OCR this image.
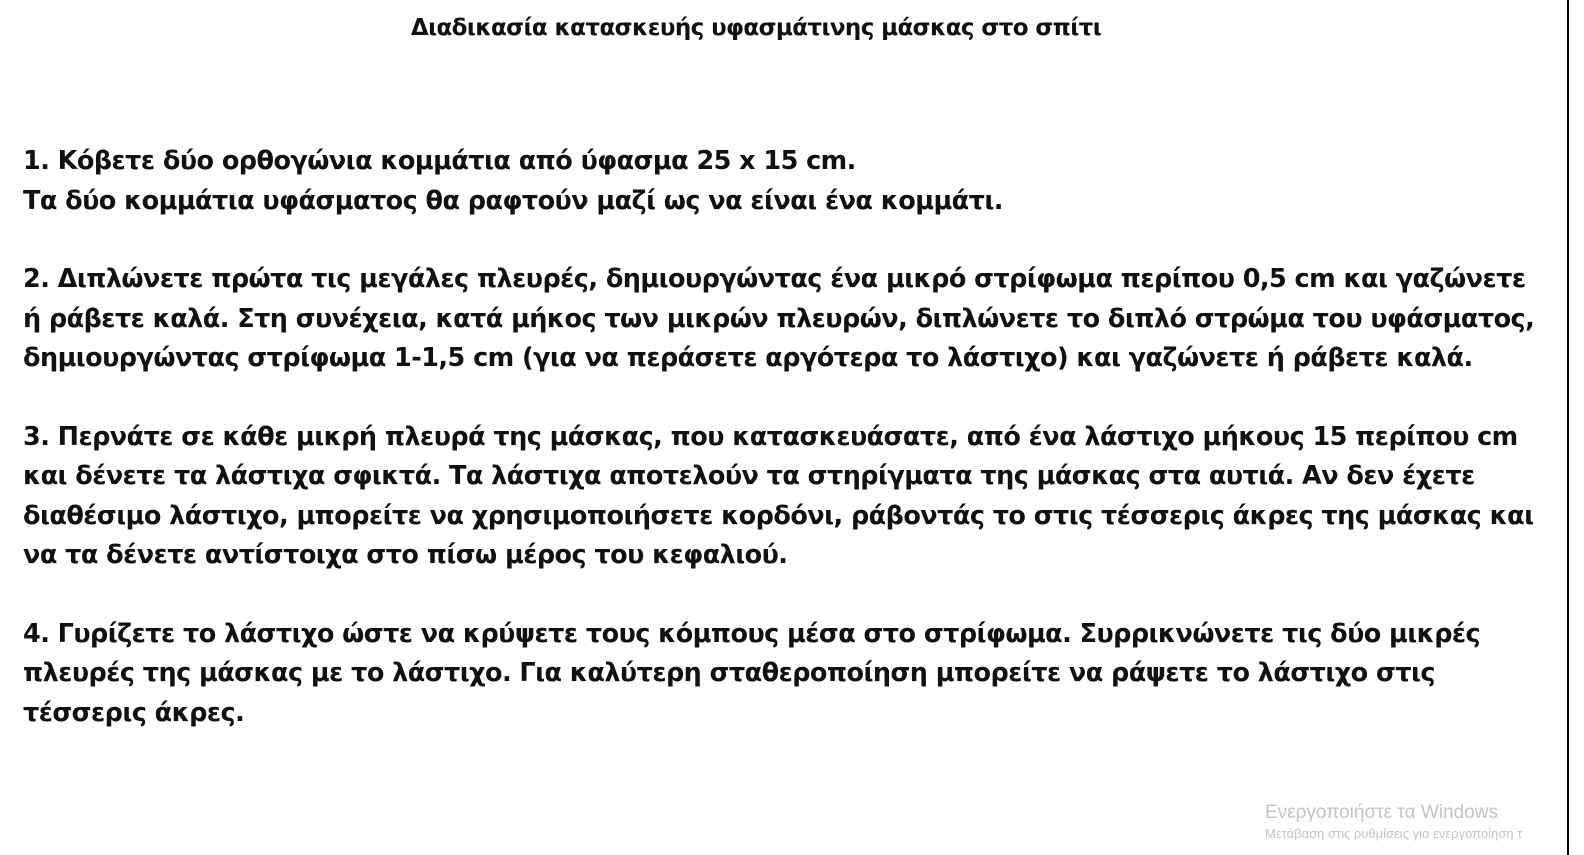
Διαδικασία κατασκευής υφασμάτινης μάσκας στο σπίτι
1. Κόβετε δύο ορθογώνια κομμάτια από ύφασμα 25 x 15 cm.
Τα δύο κομμάτια υφάσματος θα ραφτούν μαζί ως να είναι ένα κομμάτι.
2. Διπλώνετε πρώτα τις μεγάλες πλευρές, δημιουργώντας ένα μικρό στρίφωμα περίπου 0,5 cm και γαζώνετε
ή ράβετε καλά. Στη συνέχεια, κατά μήκος των μικρών πλευρών, διπλώνετε το διπλό στρώμα του υφάσματος,
δημιουργώντας στρίφωμα 1-1,5 cm (για να περάσετε αργότερα το λάστιχο) και γαζώνετε ή ράβετε καλά.
3. Περνάτε σε κάθε μικρή πλευρά της μάσκας, που κατασκευάσατε, από ένα λάστιχο μήκους 15 περίπου cm
και δένετε τα λάστιχα σφικτά. Τα λάστιχα αποτελούν τα στηρίγματα της μάσκας στα αυτιά. Αν δεν έχετε
διαθέσιμο λάστιχο, μπορείτε να χρησιμοποιήσετε κορδόνι, ράβοντάς το στις τέσσερις άκρες της μάσκας και
να τα δένετε αντίστοιχα στο πίσω μέρος του κεφαλιού.
4. Γυρίζετε το λάστιχο ώστε να κρύψετε τους κόμπους μέσα στο στρίφωμα. Συρρικνώνετε τις δύο μικρές
πλευρές της μάσκας με το λάστιχο. Για καλύτερη σταθεροποίηση μπορείτε να ράψετε το λάστιχο στις
τέσσερις άκρες.
Ενεργοποιήστε τα Windows
Μετάβαση στις ρυθμίσεις για ενεργοποίηση τ
